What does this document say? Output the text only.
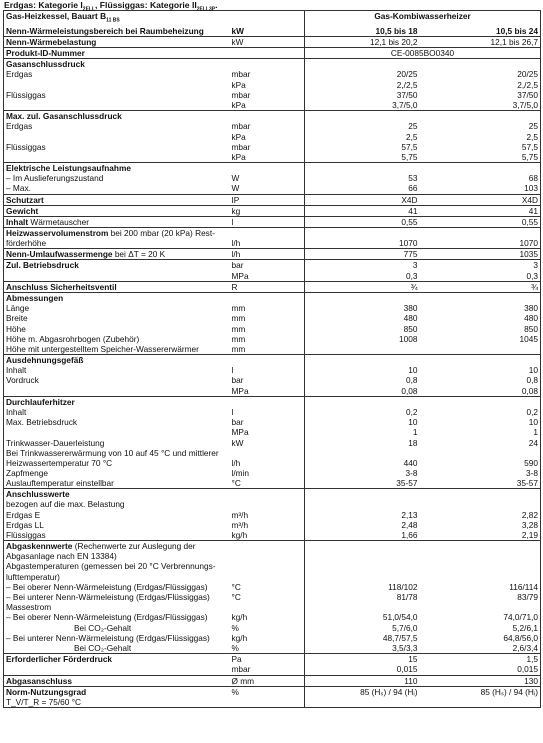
Erdgas: Kategorie $I_{2ELL}$, Flüssiggas: Kategorie $II_{2ELL3P}$.
Gas-Heizkessel, Bauart $B_{11 BS}$		Gas-Kombiwasserheizer	
Nenn-Wärmeleistungsbereich bei Raumbeheizung	kW	10,5 bis 18	10,5 bis 24
Nenn-Wärmebelastung	kW	12,1 bis 20,2	12,1 bis 26,7
Produkt-ID-Nummer		CE-0085BO0340	
Gasanschlussdruck			
Erdgas	mbar	20/25	20/25
	kPa	2,/2,5	2,/2,5
Flüssiggas	mbar	37/50	37/50
	kPa	3,7/5,0	3,7/5,0
Max. zul. Gasanschlussdruck			
Erdgas	mbar	25	25
	kPa	2,5	2,5
Flüssiggas	mbar	57,5	57,5
	kPa	5,75	5,75
Elektrische Leistungsaufnahme			
– Im Auslieferungszustand	W	53	68
– Max.	W	66	103
Schutzart	IP	X4D	X4D
Gewicht	kg	41	41
Inhalt Wärmetauscher	l	0,55	0,55
Heizwasservolumenstrom bei 200 mbar (20 kPa) Rest-
förderhöhe	l/h	1070	1070
Nenn-Umlaufwassermenge bei ΔT = 20 K	l/h	775	1035
Zul. Betriebsdruck	bar	3	3
	MPa	0,3	0,3
Anschluss Sicherheitsventil	R	¾	¾
Abmessungen			
Länge	mm	380	380
Breite	mm	480	480
Höhe	mm	850	850
Höhe m. Abgasrohrbogen (Zubehör)	mm	1008	1045
Höhe mit untergestelltem Speicher-Wassererwärmer	mm		
Ausdehnungsgefäß			
Inhalt	l	10	10
Vordruck	bar	0,8	0,8
	MPa	0,08	0,08
Durchlauferhitzer			
Inhalt	l	0,2	0,2
Max. Betriebsdruck	bar	10	10
	MPa	1	1
Trinkwasser-Dauerleistung	kW	18	24
Bei Trinkwassererwärmung von 10 auf 45 °C und mittlerer
Heizwassertemperatur 70 °C	l/h	440	590
Zapfmenge	l/min	3-8	3-8
Auslauftemperatur einstellbar	°C	35-57	35-57
Anschlusswerte			
bezogen auf die max. Belastung			
Erdgas E	m³/h	2,13	2,82
Erdgas LL	m³/h	2,48	3,28
Flüssiggas	kg/h	1,66	2,19
Abgaskennwerte (Rechenwerte zur Auslegung der			
Abgasanlage nach EN 13384)			
Abgastemperaturen (gemessen bei 20 °C Verbrennungs-			
lufttemperatur)			
– Bei oberer Nenn-Wärmeleistung (Erdgas/Flüssiggas)	°C	118/102	116/114
– Bei unterer Nenn-Wärmeleistung (Erdgas/Flüssiggas)	°C	81/78	83/79
Massestrom			
– Bei oberer Nenn-Wärmeleistung (Erdgas/Flüssiggas)	kg/h	51,0/54,0	74,0/71,0
Bei CO₂-Gehalt	%	5,7/6,0	5,2/6,1
– Bei unterer Nenn-Wärmeleistung (Erdgas/Flüssiggas)	kg/h	48,7/57,5	64,8/56,0
Bei CO₂-Gehalt	%	3,5/3,3	2,6/3,4
Erforderlicher Förderdruck	Pa	15	1,5
	mbar	0,015	0,015
Abgasanschluss	Ø mm	110	130
Norm-Nutzungsgrad	%	85 (Hₛ) / 94 (Hᵢ)	85 (Hₛ) / 94 (Hᵢ)
T_V/T_R = 75/60 °C			
